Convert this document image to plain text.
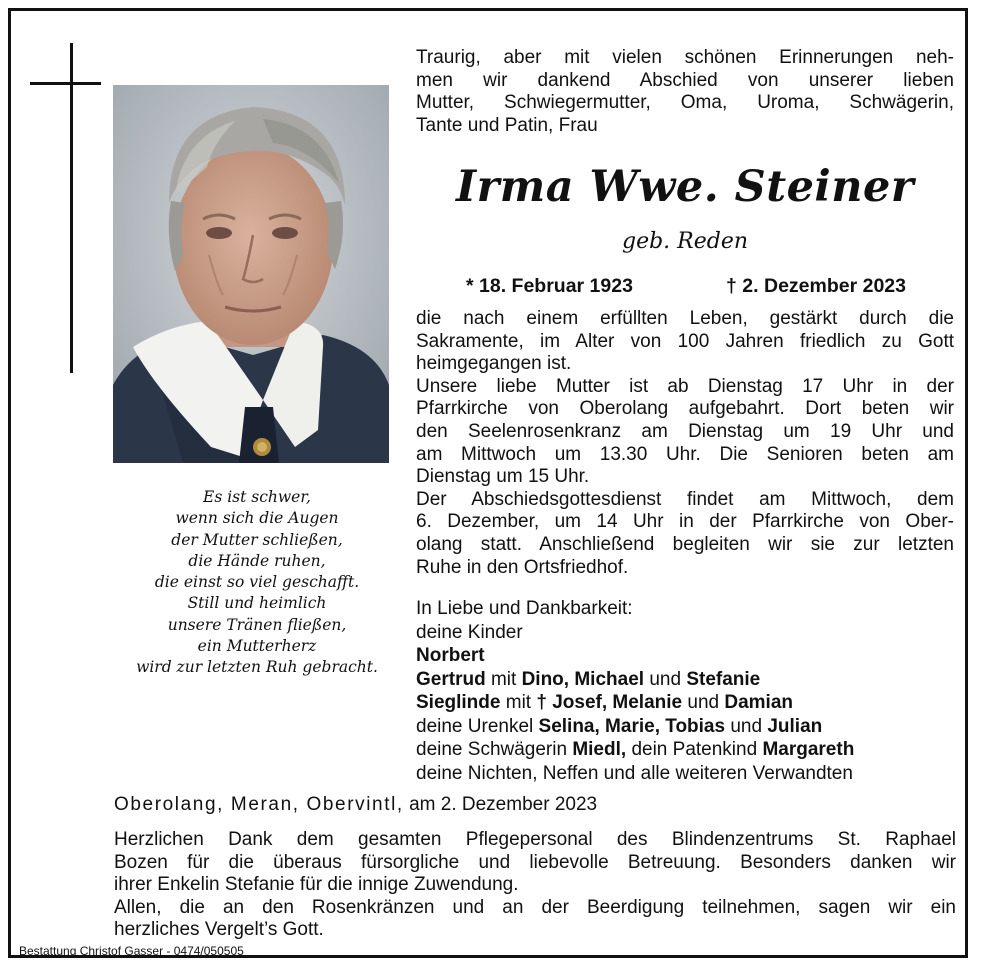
Es ist schwer,
wenn sich die Augen
der Mutter schließen,
die Hände ruhen,
die einst so viel geschafft.
Still und heimlich
unsere Tränen fließen,
ein Mutterherz
wird zur letzten Ruh gebracht.
Traurig, aber mit vielen schönen Erinnerungen neh-
men wir dankend Abschied von unserer lieben
Mutter, Schwiegermutter, Oma, Uroma, Schwägerin,
Tante und Patin, Frau
Irma Wwe. Steiner
geb. Reden
* 18. Februar 1923	† 2. Dezember 2023
die nach einem erfüllten Leben, gestärkt durch die
Sakramente, im Alter von 100 Jahren friedlich zu Gott
heimgegangen ist.
Unsere liebe Mutter ist ab Dienstag 17 Uhr in der
Pfarrkirche von Oberolang aufgebahrt. Dort beten wir
den Seelenrosenkranz am Dienstag um 19 Uhr und
am Mittwoch um 13.30 Uhr. Die Senioren beten am
Dienstag um 15 Uhr.
Der Abschiedsgottesdienst findet am Mittwoch, dem
6. Dezember, um 14 Uhr in der Pfarrkirche von Ober-
olang statt. Anschließend begleiten wir sie zur letzten
Ruhe in den Ortsfriedhof.
In Liebe und Dankbarkeit:
deine Kinder
Norbert
Gertrud mit Dino, Michael und Stefanie
Sieglinde mit † Josef, Melanie und Damian
deine Urenkel Selina, Marie, Tobias und Julian
deine Schwägerin Miedl, dein Patenkind Margareth
deine Nichten, Neffen und alle weiteren Verwandten
Oberolang, Meran, Obervintl, am 2. Dezember 2023
Herzlichen Dank dem gesamten Pflegepersonal des Blindenzentrums St. Raphael
Bozen für die überaus fürsorgliche und liebevolle Betreuung. Besonders danken wir
ihrer Enkelin Stefanie für die innige Zuwendung.
Allen, die an den Rosenkränzen und an der Beerdigung teilnehmen, sagen wir ein
herzliches Vergelt’s Gott.
Bestattung Christof Gasser - 0474/050505
